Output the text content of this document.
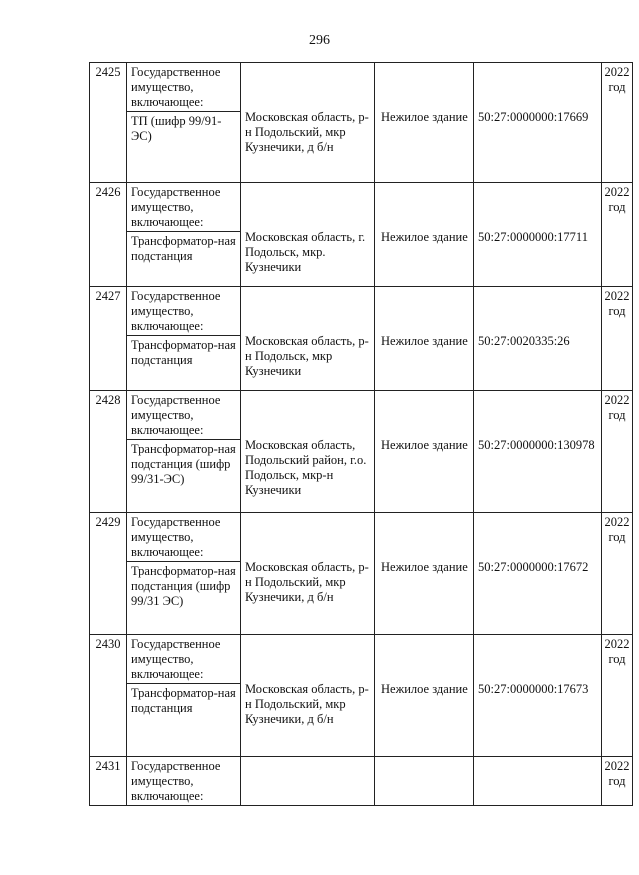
296
2425	Государственное имущество, включающее:	Московская область, р-н Подольский, мкр Кузнечики, д б/н	Нежилое здание	50:27:0000000:17669	2022 год
	ТП (шифр 99/91-ЭС)				
2426	Государственное имущество, включающее:	Московская область, г. Подольск, мкр. Кузнечики	Нежилое здание	50:27:0000000:17711	2022 год
	Трансформатор-ная подстанция				
2427	Государственное имущество, включающее:	Московская область, р-н Подольск, мкр Кузнечики	Нежилое здание	50:27:0020335:26	2022 год
	Трансформатор-ная подстанция				
2428	Государственное имущество, включающее:	Московская область, Подольский район, г.о. Подольск, мкр-н Кузнечики	Нежилое здание	50:27:0000000:130978	2022 год
	Трансформатор-ная подстанция (шифр 99/31-ЭС)				
2429	Государственное имущество, включающее:	Московская область, р-н Подольский, мкр Кузнечики, д б/н	Нежилое здание	50:27:0000000:17672	2022 год
	Трансформатор-ная подстанция (шифр 99/31 ЭС)				
2430	Государственное имущество, включающее:	Московская область, р-н Подольский, мкр Кузнечики, д б/н	Нежилое здание	50:27:0000000:17673	2022 год
	Трансформатор-ная подстанция				
2431	Государственное имущество, включающее:				2022 год
